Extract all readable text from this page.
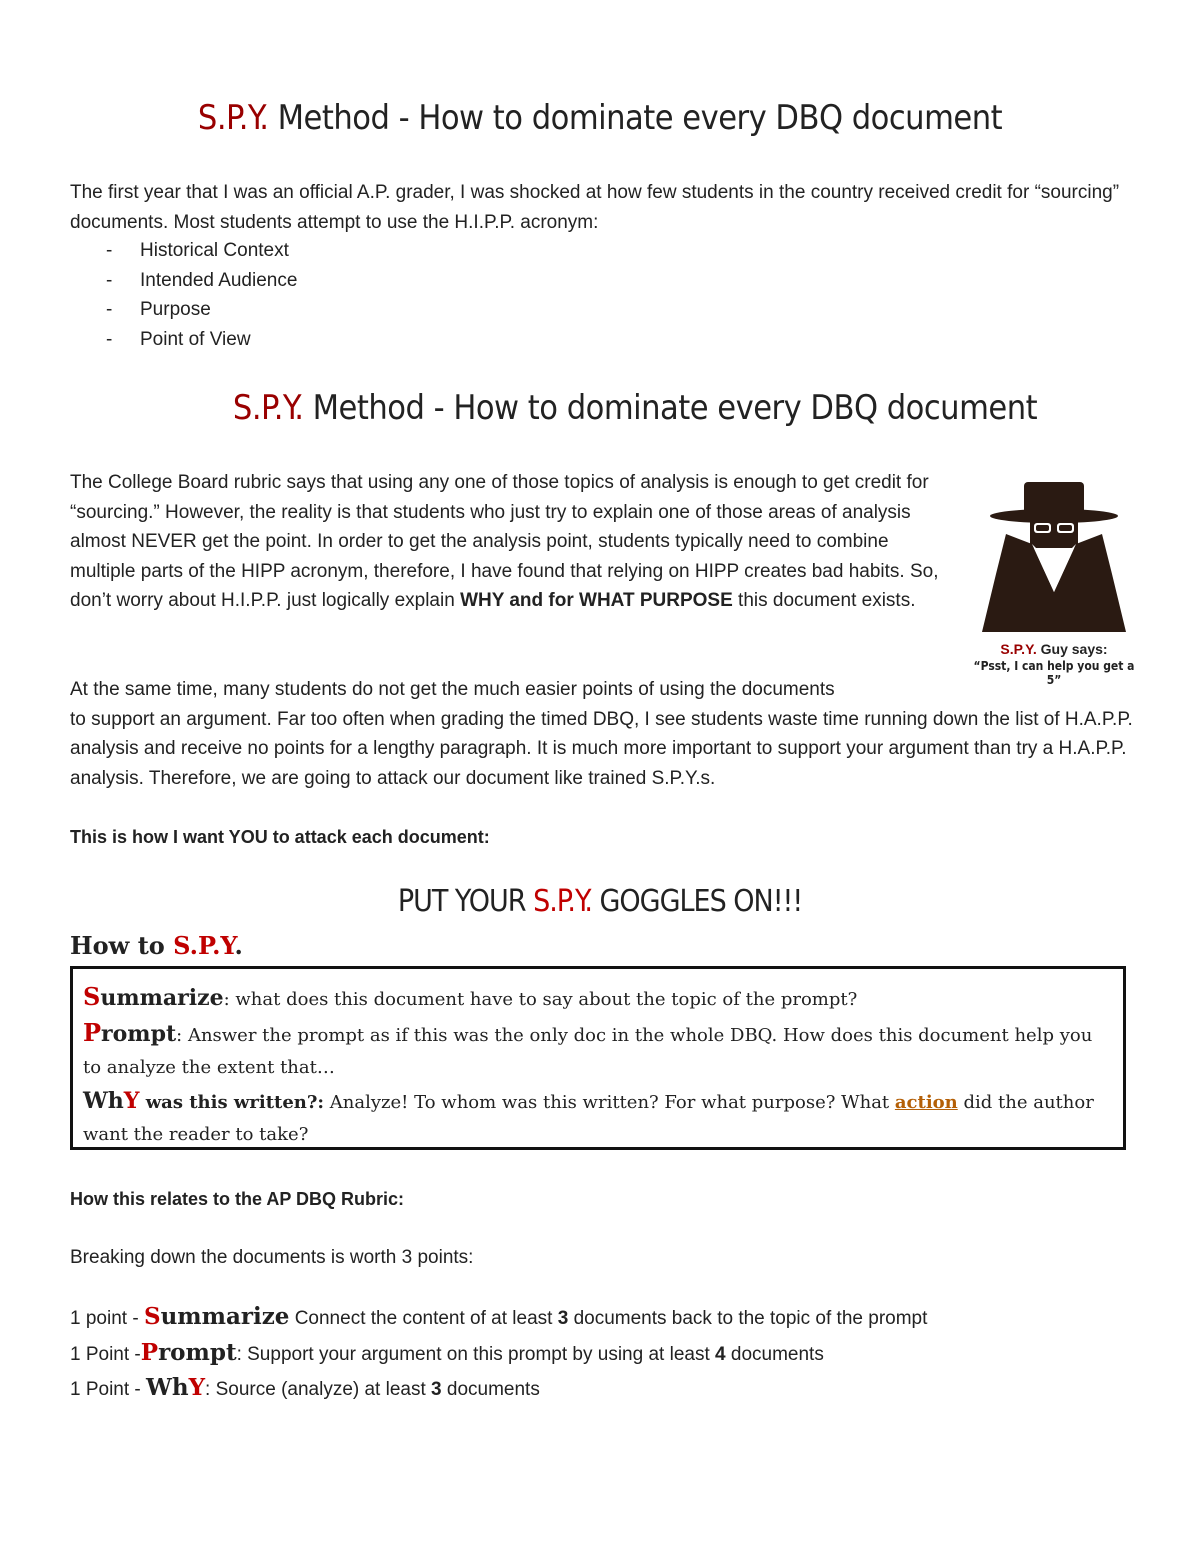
S.P.Y. Method - How to dominate every DBQ document

The first year that I was an official A.P. grader, I was shocked at how few students in the country received credit for “sourcing” documents. Most students attempt to use the H.I.P.P. acronym:

- Historical Context
- Intended Audience
- Purpose
- Point of View
S.P.Y. Method - How to dominate every DBQ document

The College Board rubric says that using any one of those topics of analysis is enough to get credit for “sourcing.” However, the reality is that students who just try to explain one of those areas of analysis almost NEVER get the point. In order to get the analysis point, students typically need to combine multiple parts of the HIPP acronym, therefore, I have found that relying on HIPP creates bad habits. So, don’t worry about H.I.P.P. just logically explain WHY and for WHAT PURPOSE this document exists.

S.P.Y. Guy says:
“Psst, I can help you get a 5”

At the same time, many students do not get the much easier points of using the documents
to support an argument. Far too often when grading the timed DBQ, I see students waste time running down the list of H.A.P.P. analysis and receive no points for a lengthy paragraph. It is much more important to support your argument than try a H.A.P.P. analysis. Therefore, we are going to attack our document like trained S.P.Y.s.

This is how I want YOU to attack each document:

PUT YOUR S.P.Y. GOGGLES ON!!!
How to S.P.Y.
Summarize: what does this document have to say about the topic of the prompt?
Prompt: Answer the prompt as if this was the only doc in the whole DBQ. How does this document help you to analyze the extent that…
WhY was this written?: Analyze! To whom was this written? For what purpose? What action did the author want the reader to take?

How this relates to the AP DBQ Rubric:

Breaking down the documents is worth 3 points:

1 point - Summarize Connect the content of at least 3 documents back to the topic of the prompt
1 Point -Prompt: Support your argument on this prompt by using at least 4 documents
1 Point - WhY: Source (analyze) at least 3 documents
